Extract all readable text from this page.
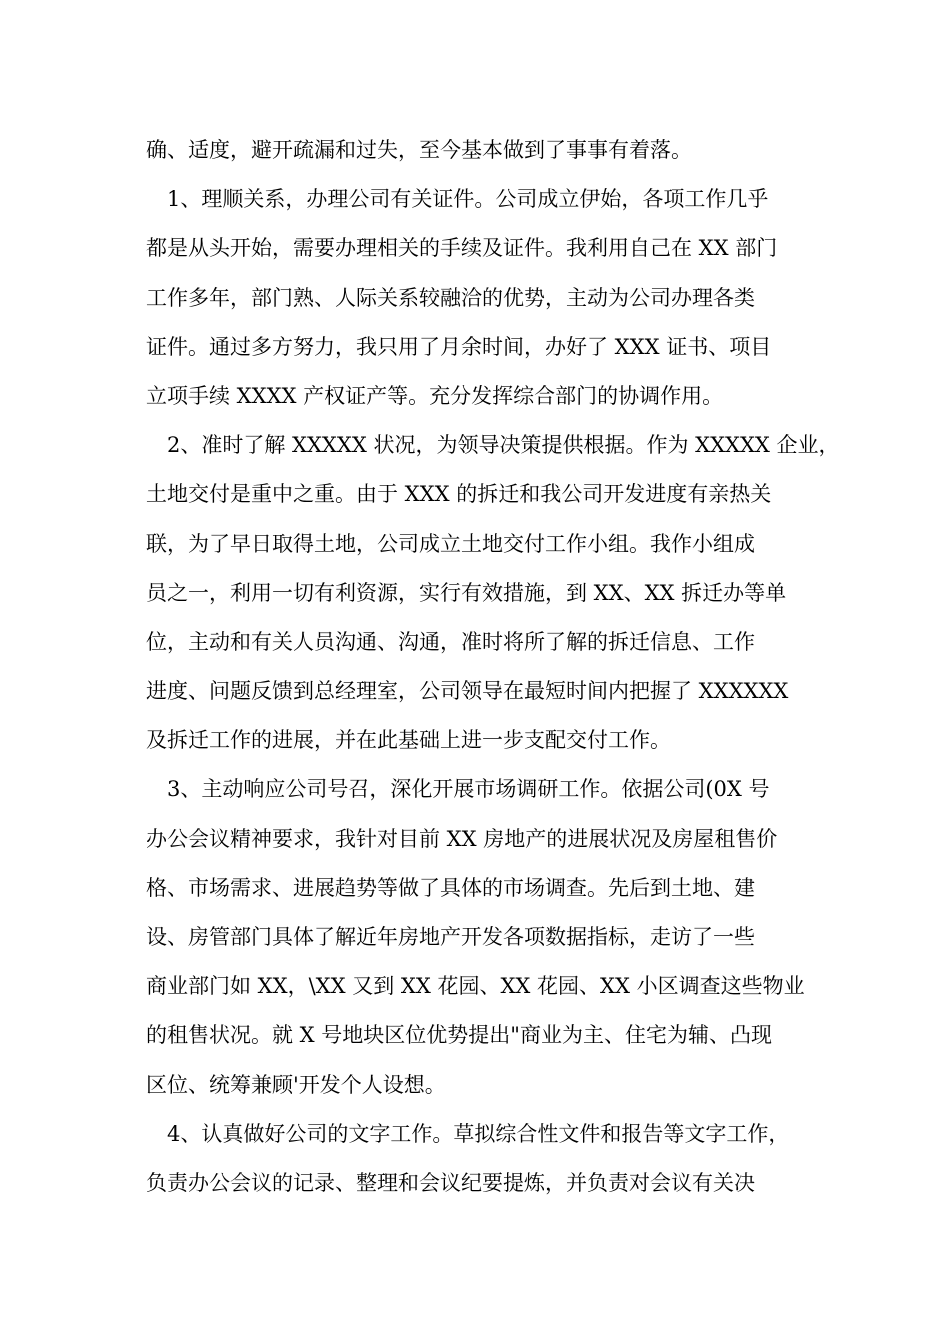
确、适度，避开疏漏和过失，至今基本做到了事事有着落。
1、理顺关系，办理公司有关证件。公司成立伊始，各项工作几乎
都是从头开始，需要办理相关的手续及证件。我利用自己在 XX 部门
工作多年，部门熟、人际关系较融洽的优势，主动为公司办理各类
证件。通过多方努力，我只用了月余时间，办好了 XXX 证书、项目
立项手续 XXXX 产权证产等。充分发挥综合部门的协调作用。
2、准时了解 XXXXX 状况，为领导决策提供根据。作为 XXXXX 企业，
土地交付是重中之重。由于 XXX 的拆迁和我公司开发进度有亲热关
联，为了早日取得土地，公司成立土地交付工作小组。我作小组成
员之一，利用一切有利资源，实行有效措施，到 XX、XX 拆迁办等单
位，主动和有关人员沟通、沟通，准时将所了解的拆迁信息、工作
进度、问题反馈到总经理室，公司领导在最短时间内把握了 XXXXXX
及拆迁工作的进展，并在此基础上进一步支配交付工作。
3、主动响应公司号召，深化开展市场调研工作。依据公司(0X 号
办公会议精神要求，我针对目前 XX 房地产的进展状况及房屋租售价
格、市场需求、进展趋势等做了具体的市场调查。先后到土地、建
设、房管部门具体了解近年房地产开发各项数据指标，走访了一些
商业部门如 XX，\XX 又到 XX 花园、XX 花园、XX 小区调查这些物业
的租售状况。就 X 号地块区位优势提出"商业为主、住宅为辅、凸现
区位、统筹兼顾'开发个人设想。
4、认真做好公司的文字工作。草拟综合性文件和报告等文字工作，
负责办公会议的记录、整理和会议纪要提炼，并负责对会议有关决
